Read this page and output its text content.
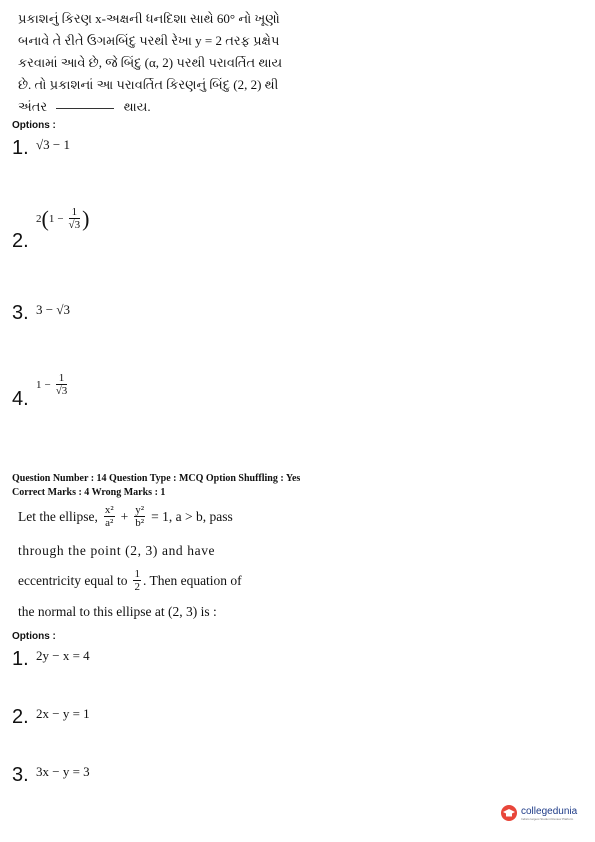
પ્રકાશનું કિરણ x-અક્ષની ધનદિશા સાથે 60° નો ખૂણો
બનાવે તે રીતે ઉગમબિંદુ પરથી રેખા y = 2 તરફ પ્રક્ષેપ
કરવામાં આવે છે, જે બિંદુ (α, 2) પરથી પરાવર્તિત થાય
છે. તો પ્રકાશનાં આ પરાવર્તિત કિરણનું બિંદુ (2, 2) થી
અંતર	થાય.
Options :
1. √3 − 1
2.
2 ( $1 - \frac{1}{√3}$ )
3. 3 − √3
4.
$1 - \frac{1}{√3}$
Question Number : 14 Question Type : MCQ Option Shuffling : Yes
Correct Marks : 4 Wrong Marks : 1
Let the ellipse, $\frac{\text{x²}}{\text{a²}} + \frac{\text{y²}}{\text{b²}} = 1$, a > b, pass
through the point (2, 3) and have
eccentricity equal to $\frac{1}{2}$ . Then equation of
the normal to this ellipse at (2, 3) is :
Options :
1. 2y − x = 4
2. 2x − y = 1
3. 3x − y = 3
collegedunia
India's largest Student Review Platform
